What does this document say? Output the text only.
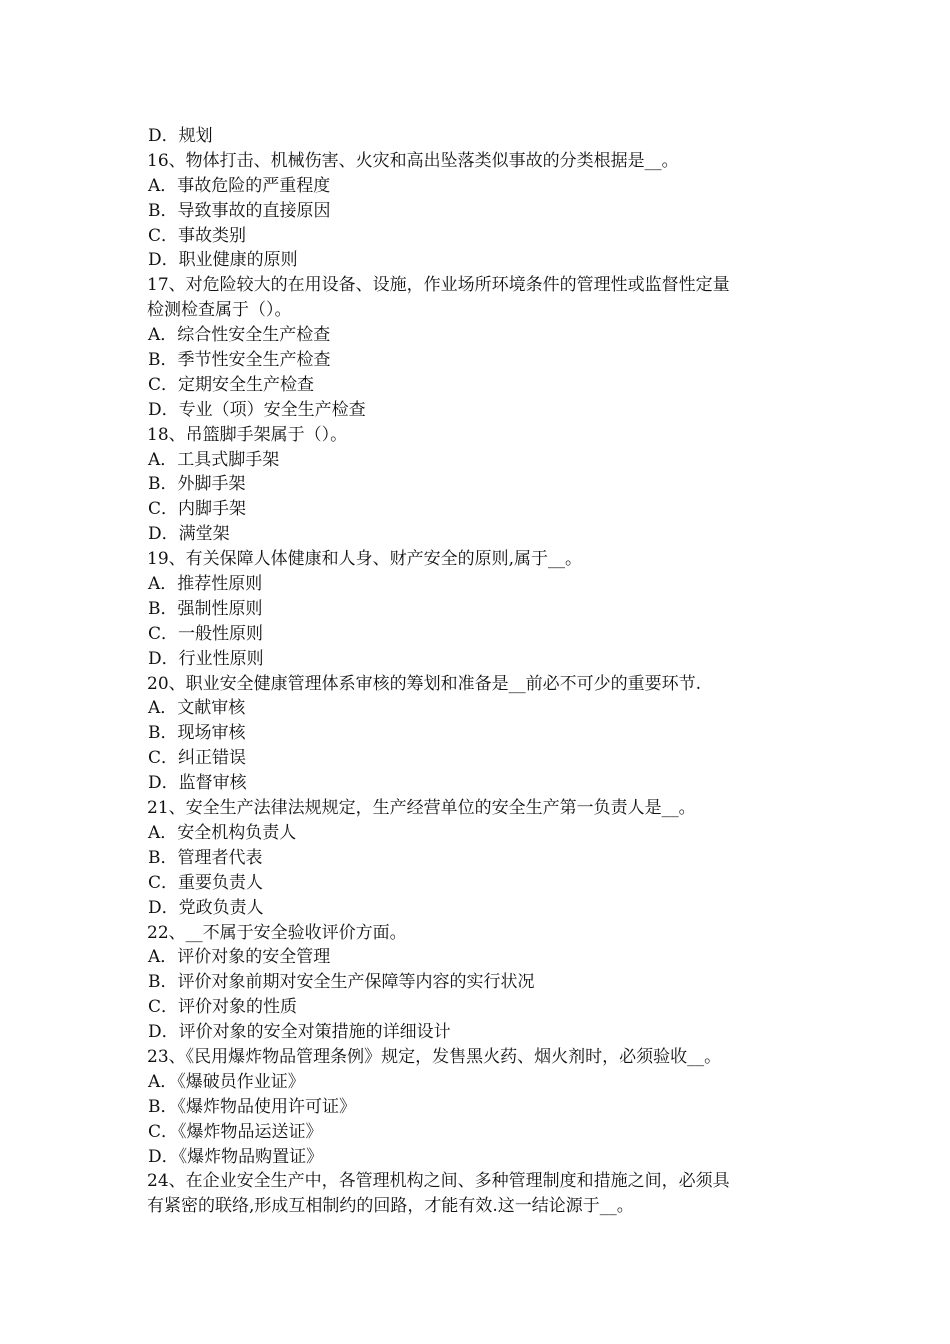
D．规划

16、物体打击、机械伤害、火灾和高出坠落类似事故的分类根据是__。

A．事故危险的严重程度

B．导致事故的直接原因

C．事故类别

D．职业健康的原则

17、对危险较大的在用设备、设施，作业场所环境条件的管理性或监督性定量

检测检查属于（）。

A．综合性安全生产检查

B．季节性安全生产检查

C．定期安全生产检查

D．专业（项）安全生产检查

18、吊篮脚手架属于（）。

A．工具式脚手架

B．外脚手架

C．内脚手架

D．满堂架

19、有关保障人体健康和人身、财产安全的原则,属于__。

A．推荐性原则

B．强制性原则

C．一般性原则

D．行业性原则

20、职业安全健康管理体系审核的筹划和准备是__前必不可少的重要环节.

A．文献审核

B．现场审核

C．纠正错误

D．监督审核

21、安全生产法律法规规定，生产经营单位的安全生产第一负责人是__。

A．安全机构负责人

B．管理者代表

C．重要负责人

D．党政负责人

22、__不属于安全验收评价方面。

A．评价对象的安全管理

B．评价对象前期对安全生产保障等内容的实行状况

C．评价对象的性质

D．评价对象的安全对策措施的详细设计

23、《民用爆炸物品管理条例》规定，发售黑火药、烟火剂时，必须验收__。

A．《爆破员作业证》

B．《爆炸物品使用许可证》

C．《爆炸物品运送证》

D．《爆炸物品购置证》

24、在企业安全生产中，各管理机构之间、多种管理制度和措施之间，必须具

有紧密的联络,形成互相制约的回路，才能有效.这一结论源于__。
